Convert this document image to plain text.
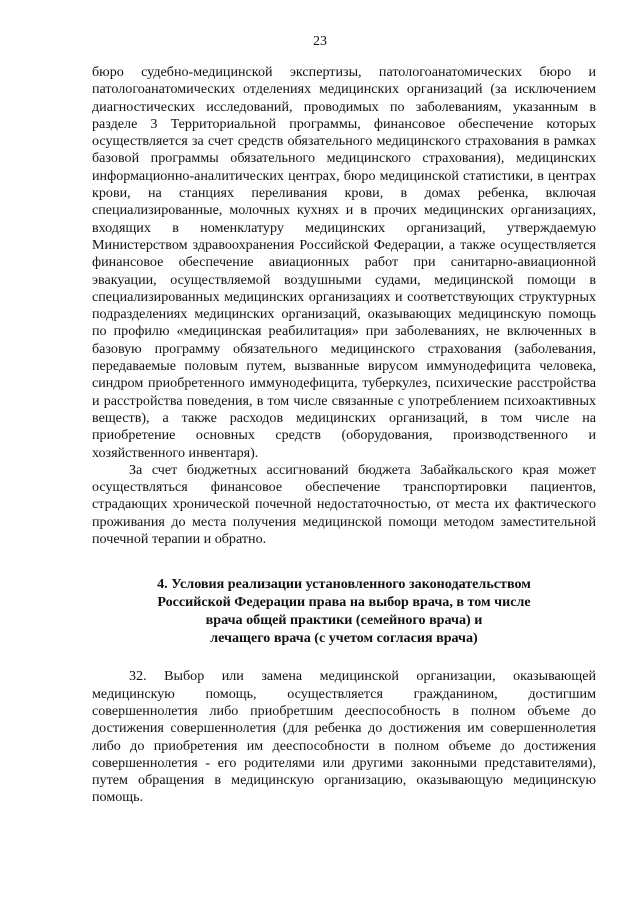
23

бюро судебно-медицинской экспертизы, патологоанатомических бюро и патологоанатомических отделениях медицинских организаций (за исключением диагностических исследований, проводимых по заболеваниям, указанным в разделе 3 Территориальной программы, финансовое обеспечение которых осуществляется за счет средств обязательного медицинского страхования в рамках базовой программы обязательного медицинского страхования), медицинских информационно-аналитических центрах, бюро медицинской статистики, в центрах крови, на станциях переливания крови, в домах ребенка, включая специализированные, молочных кухнях и в прочих медицинских организациях, входящих в номенклатуру медицинских организаций, утверждаемую Министерством здравоохранения Российской Федерации, а также осуществляется финансовое обеспечение авиационных работ при санитарно-авиационной эвакуации, осуществляемой воздушными судами, медицинской помощи в специализированных медицинских организациях и соответствующих структурных подразделениях медицинских организаций, оказывающих медицинскую помощь по профилю «медицинская реабилитация» при заболеваниях, не включенных в базовую программу обязательного медицинского страхования (заболевания, передаваемые половым путем, вызванные вирусом иммунодефицита человека, синдром приобретенного иммунодефицита, туберкулез, психические расстройства и расстройства поведения, в том числе связанные с употреблением психоактивных веществ), а также расходов медицинских организаций, в том числе на приобретение основных средств (оборудования, производственного и хозяйственного инвентаря).

За счет бюджетных ассигнований бюджета Забайкальского края может осуществляться финансовое обеспечение транспортировки пациентов, страдающих хронической почечной недостаточностью, от места их фактического проживания до места получения медицинской помощи методом заместительной почечной терапии и обратно.

4. Условия реализации установленного законодательством
Российской Федерации права на выбор врача, в том числе
врача общей практики (семейного врача) и
лечащего врача (с учетом согласия врача)

32. Выбор или замена медицинской организации, оказывающей медицинскую помощь, осуществляется гражданином, достигшим совершеннолетия либо приобретшим дееспособность в полном объеме до достижения совершеннолетия (для ребенка до достижения им совершеннолетия либо до приобретения им дееспособности в полном объеме до достижения совершеннолетия - его родителями или другими законными представителями), путем обращения в медицинскую организацию, оказывающую медицинскую помощь.
